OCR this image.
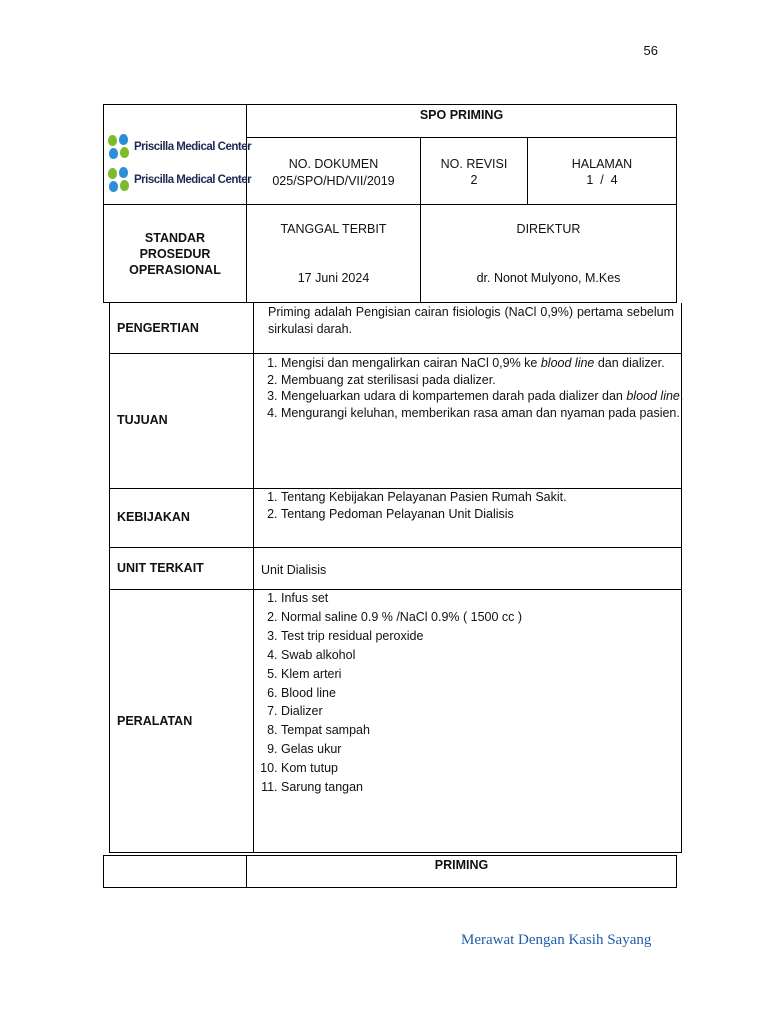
56
Priscilla Medical Center
Priscilla Medical Center
SPO PRIMING
NO. DOKUMEN
025/SPO/HD/VII/2019
NO. REVISI
2
HALAMAN
1  /  4
STANDAR
PROSEDUR
OPERASIONAL
TANGGAL TERBIT
17 Juni 2024
DIREKTUR
dr. Nonot Mulyono, M.Kes
PENGERTIAN
Priming adalah Pengisian cairan fisiologis (NaCl 0,9%) pertama sebelum sirkulasi darah.
TUJUAN
1. Mengisi dan mengalirkan cairan NaCl 0,9% ke blood line dan dializer.
2. Membuang zat sterilisasi pada dializer.
3. Mengeluarkan udara di kompartemen darah pada dializer dan blood line.
4. Mengurangi keluhan, memberikan rasa aman dan nyaman pada pasien.
KEBIJAKAN
1. Tentang Kebijakan Pelayanan Pasien Rumah Sakit.
2. Tentang Pedoman Pelayanan Unit Dialisis
UNIT TERKAIT	Unit Dialisis
PERALATAN
1. Infus set
2. Normal saline 0.9 % /NaCl 0.9% ( 1500 cc )
3. Test trip residual peroxide
4. Swab alkohol
5. Klem arteri
6. Blood line
7. Dializer
8. Tempat sampah
9. Gelas ukur
10. Kom tutup
11. Sarung tangan
PRIMING
Merawat Dengan Kasih Sayang
